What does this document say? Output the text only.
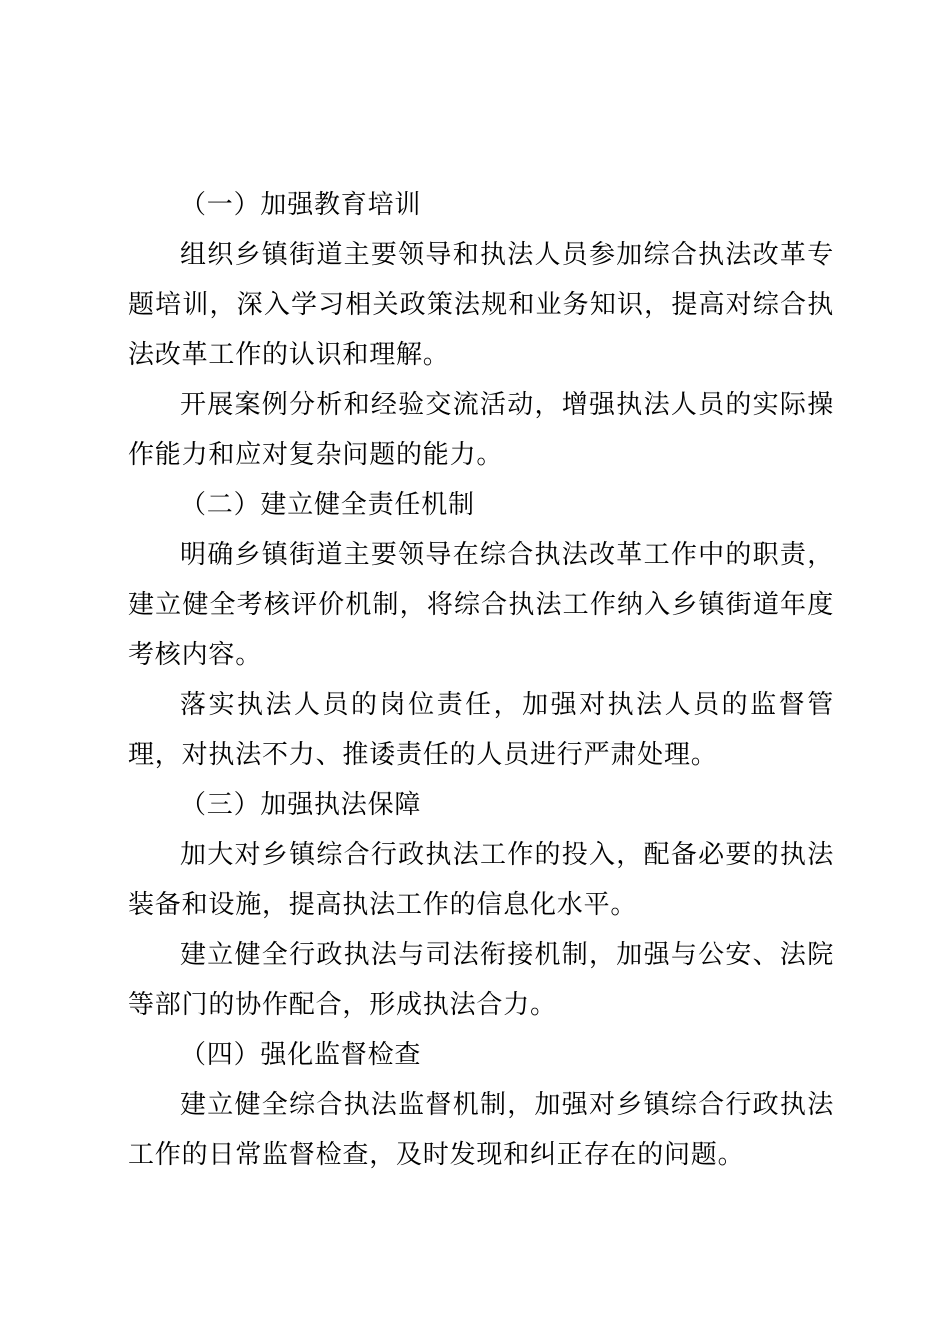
（一）加强教育培训

组织乡镇街道主要领导和执法人员参加综合执法改革专题培训，深入学习相关政策法规和业务知识，提高对综合执法改革工作的认识和理解。

开展案例分析和经验交流活动，增强执法人员的实际操作能力和应对复杂问题的能力。

（二）建立健全责任机制

明确乡镇街道主要领导在综合执法改革工作中的职责，建立健全考核评价机制，将综合执法工作纳入乡镇街道年度考核内容。

落实执法人员的岗位责任，加强对执法人员的监督管理，对执法不力、推诿责任的人员进行严肃处理。

（三）加强执法保障

加大对乡镇综合行政执法工作的投入，配备必要的执法装备和设施，提高执法工作的信息化水平。

建立健全行政执法与司法衔接机制，加强与公安、法院等部门的协作配合，形成执法合力。

（四）强化监督检查

建立健全综合执法监督机制，加强对乡镇综合行政执法工作的日常监督检查，及时发现和纠正存在的问题。
